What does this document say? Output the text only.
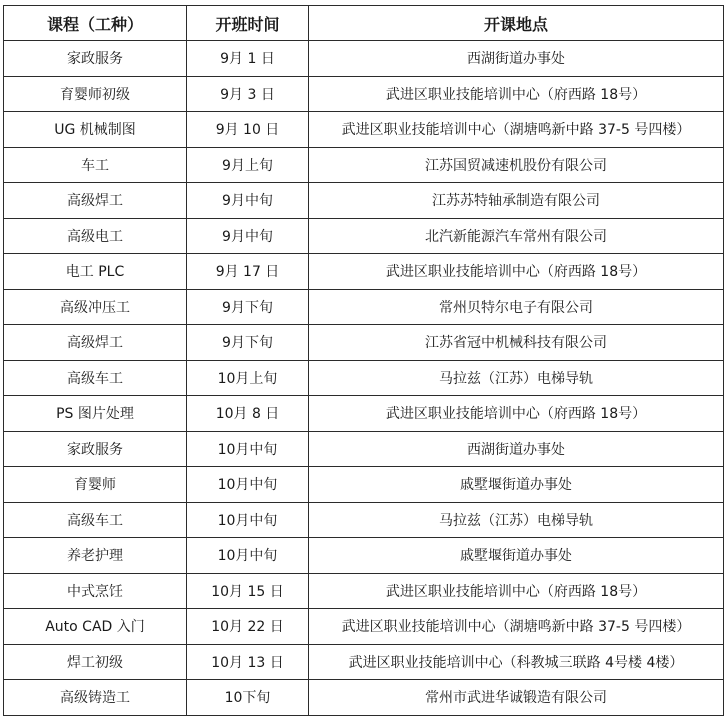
课程（工种）	开班时间	开课地点
家政服务	9月 1 日	西湖街道办事处
育婴师初级	9月 3 日	武进区职业技能培训中心（府西路 18号）
UG 机械制图	9月 10 日	武进区职业技能培训中心（湖塘鸣新中路 37-5 号四楼）
车工	9月上旬	江苏国贸减速机股份有限公司
高级焊工	9月中旬	江苏苏特轴承制造有限公司
高级电工	9月中旬	北汽新能源汽车常州有限公司
电工 PLC	9月 17 日	武进区职业技能培训中心（府西路 18号）
高级冲压工	9月下旬	常州贝特尔电子有限公司
高级焊工	9月下旬	江苏省冠中机械科技有限公司
高级车工	10月上旬	马拉兹（江苏）电梯导轨
PS 图片处理	10月 8 日	武进区职业技能培训中心（府西路 18号）
家政服务	10月中旬	西湖街道办事处
育婴师	10月中旬	戚墅堰街道办事处
高级车工	10月中旬	马拉兹（江苏）电梯导轨
养老护理	10月中旬	戚墅堰街道办事处
中式烹饪	10月 15 日	武进区职业技能培训中心（府西路 18号）
Auto CAD 入门	10月 22 日	武进区职业技能培训中心（湖塘鸣新中路 37-5 号四楼）
焊工初级	10月 13 日	武进区职业技能培训中心（科教城三联路 4号楼 4楼）
高级铸造工	10下旬	常州市武进华诚锻造有限公司
